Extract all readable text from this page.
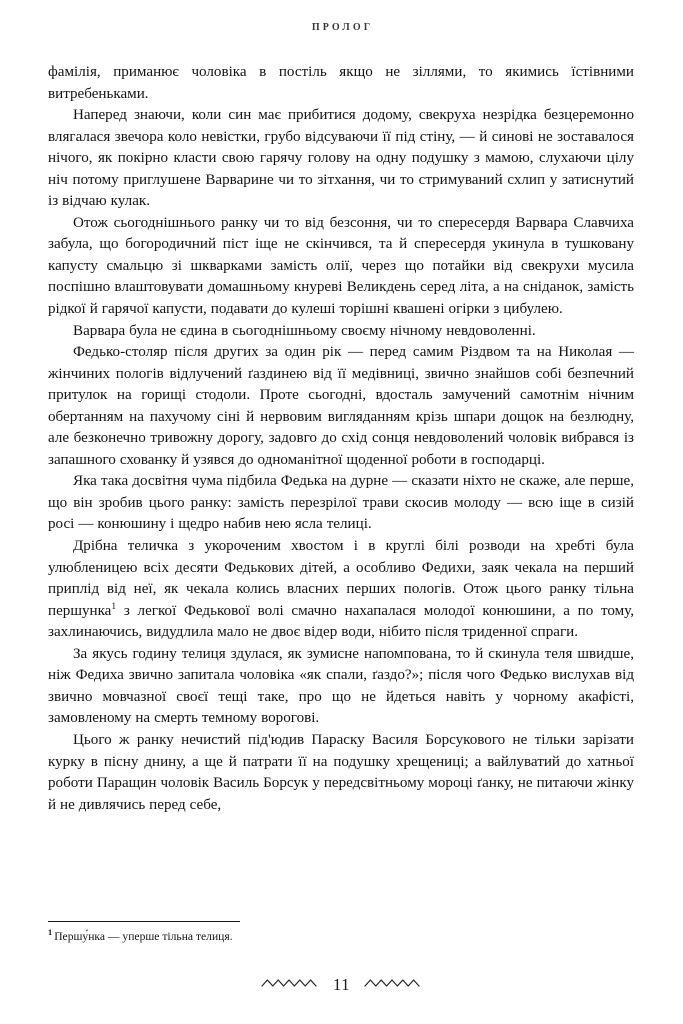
ПРОЛОГ

фамілія, приманює чоловіка в постіль якщо не зіллями, то якимись їстівними витребеньками.

Наперед знаючи, коли син має прибитися додому, свекруха незрідка безцеремонно влягалася звечора коло невістки, грубо відсуваючи її під стіну, — й синові не зоставалося нічого, як покірно класти свою гарячу голову на одну подушку з мамою, слухаючи цілу ніч потому приглушене Варварине чи то зітхання, чи то стримуваний схлип у затиснутий із відчаю кулак.

Отож сьогоднішнього ранку чи то від безсоння, чи то спересердя Варвара Славчиха забула, що богородичний піст іще не скінчився, та й спересердя укинула в тушковану капусту смальцю зі шкварками замість олії, через що потайки від свекрухи мусила поспішно влаштовувати домашньому кнуреві Великдень серед літа, а на сніданок, замість рідкої й гарячої капусти, подавати до кулеші торішні квашені огірки з цибулею.

Варвара була не єдина в сьогоднішньому своєму нічному невдоволенні.

Федько-столяр після других за один рік — перед самим Різдвом та на Николая — жінчиних пологів відлучений ґаздинею від її медівниці, звично знайшов собі безпечний притулок на горищі стодоли. Проте сьогодні, вдосталь замучений самотнім нічним обертанням на пахучому сіні й нервовим вигляданням крізь шпари дощок на безлюдну, але безконечно тривожну дорогу, задовго до схід сонця невдоволений чоловік вибрався із запашного схованку й узявся до одноманітної щоденної роботи в господарці.

Яка така досвітня чума підбила Федька на дурне — сказати ніхто не скаже, але перше, що він зробив цього ранку: замість перезрілої трави скосив молоду — всю іще в сизій росі — конюшину і щедро набив нею ясла телиці.

Дрібна теличка з укороченим хвостом і в круглі білі розводи на хребті була улюбленицею всіх десяти Федькових дітей, а особливо Федихи, заяк чекала на перший приплід від неї, як чекала колись власних перших пологів. Отож цього ранку тільна першунка$^1$ з легкої Федькової волі смачно нахапалася молодої конюшини, а по тому, захлинаючись, видудлила мало не двоє відер води, нібито після триденної спраги.

За якусь годину телиця здулася, як зумисне напомпована, то й скинула теля швидше, ніж Федиха звично запитала чоловіка «як спали, ґаздо?»; після чого Федько вислухав від звично мовчазної своєї тещі таке, про що не йдеться навіть у чорному акафісті, замовленому на смерть темному ворогові.

Цього ж ранку нечистий під'юдив Параску Василя Борсукового не тільки зарізати курку в пісну днину, а ще й патрати її на подушку хрещениці; а вайлуватий до хатньої роботи Паращин чоловік Василь Борсук у передсвітньому мороці ґанку, не питаючи жінку й не дивлячись перед себе,

$^1$ Першу́нка — уперше тільна телиця.

11
